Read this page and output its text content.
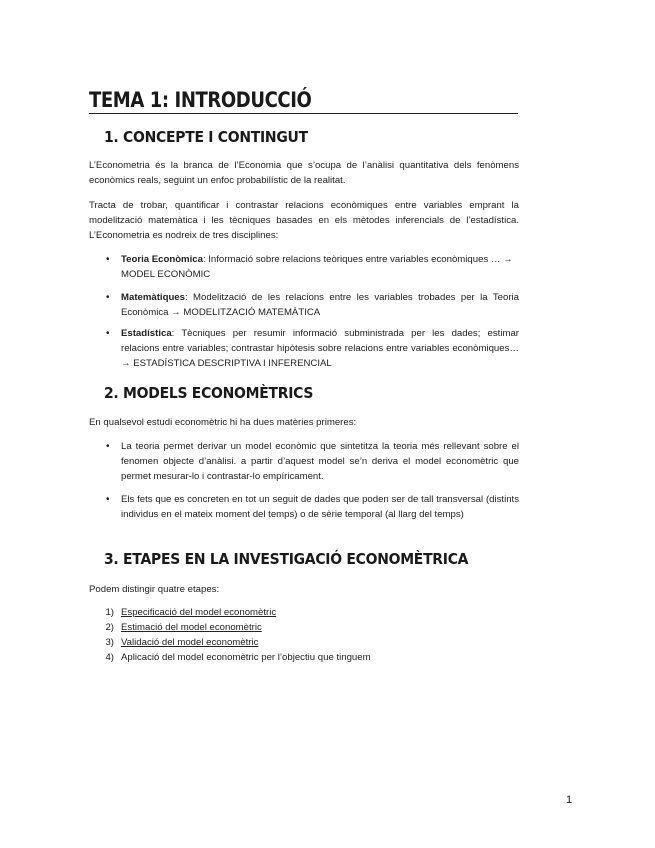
TEMA 1: INTRODUCCIÓ
1. CONCEPTE I CONTINGUT

L’Econometria és la branca de l’Economia que s’ocupa de l’anàlisi quantitativa dels fenòmens econòmics reals, seguint un enfoc probabilístic de la realitat.

Tracta de trobar, quantificar i contrastar relacions econòmiques entre variables emprant la modelització matemàtica i les tècniques basades en els mètodes inferencials de l’estadística. L’Econometria es nodreix de tres disciplines:

• Teoria Econòmica: Informació sobre relacions teòriques entre variables econòmiques … → MODEL ECONÒMIC
• Matemàtiques: Modelització de les relacions entre les variables trobades per la Teoria Econòmica → MODELITZACIÓ MATEMÀTICA
• Estadística: Tècniques per resumir informació subministrada per les dades; estimar relacions entre variables; contrastar hipòtesis sobre relacions entre variables econòmiques… → ESTADÍSTICA DESCRIPTIVA I INFERENCIAL
2. MODELS ECONOMÈTRICS

En qualsevol estudi economètric hi ha dues matèries primeres:

• La teoria permet derivar un model econòmic que sintetitza la teoria més rellevant sobre el fenomen objecte d’anàlisi. a partir d’aquest model se’n deriva el model economètric que permet mesurar-lo i contrastar-lo empíricament.
• Els fets que es concreten en tot un seguit de dades que poden ser de tall transversal (distints individus en el mateix moment del temps) o de sèrie temporal (al llarg del temps)
3. ETAPES EN LA INVESTIGACIÓ ECONOMÈTRICA

Podem distingir quatre etapes:

1) Especificació del model economètric
2) Estimació del model economètric
3) Validació del model economètric
4) Aplicació del model economètric per l’objectiu que tinguem
1
